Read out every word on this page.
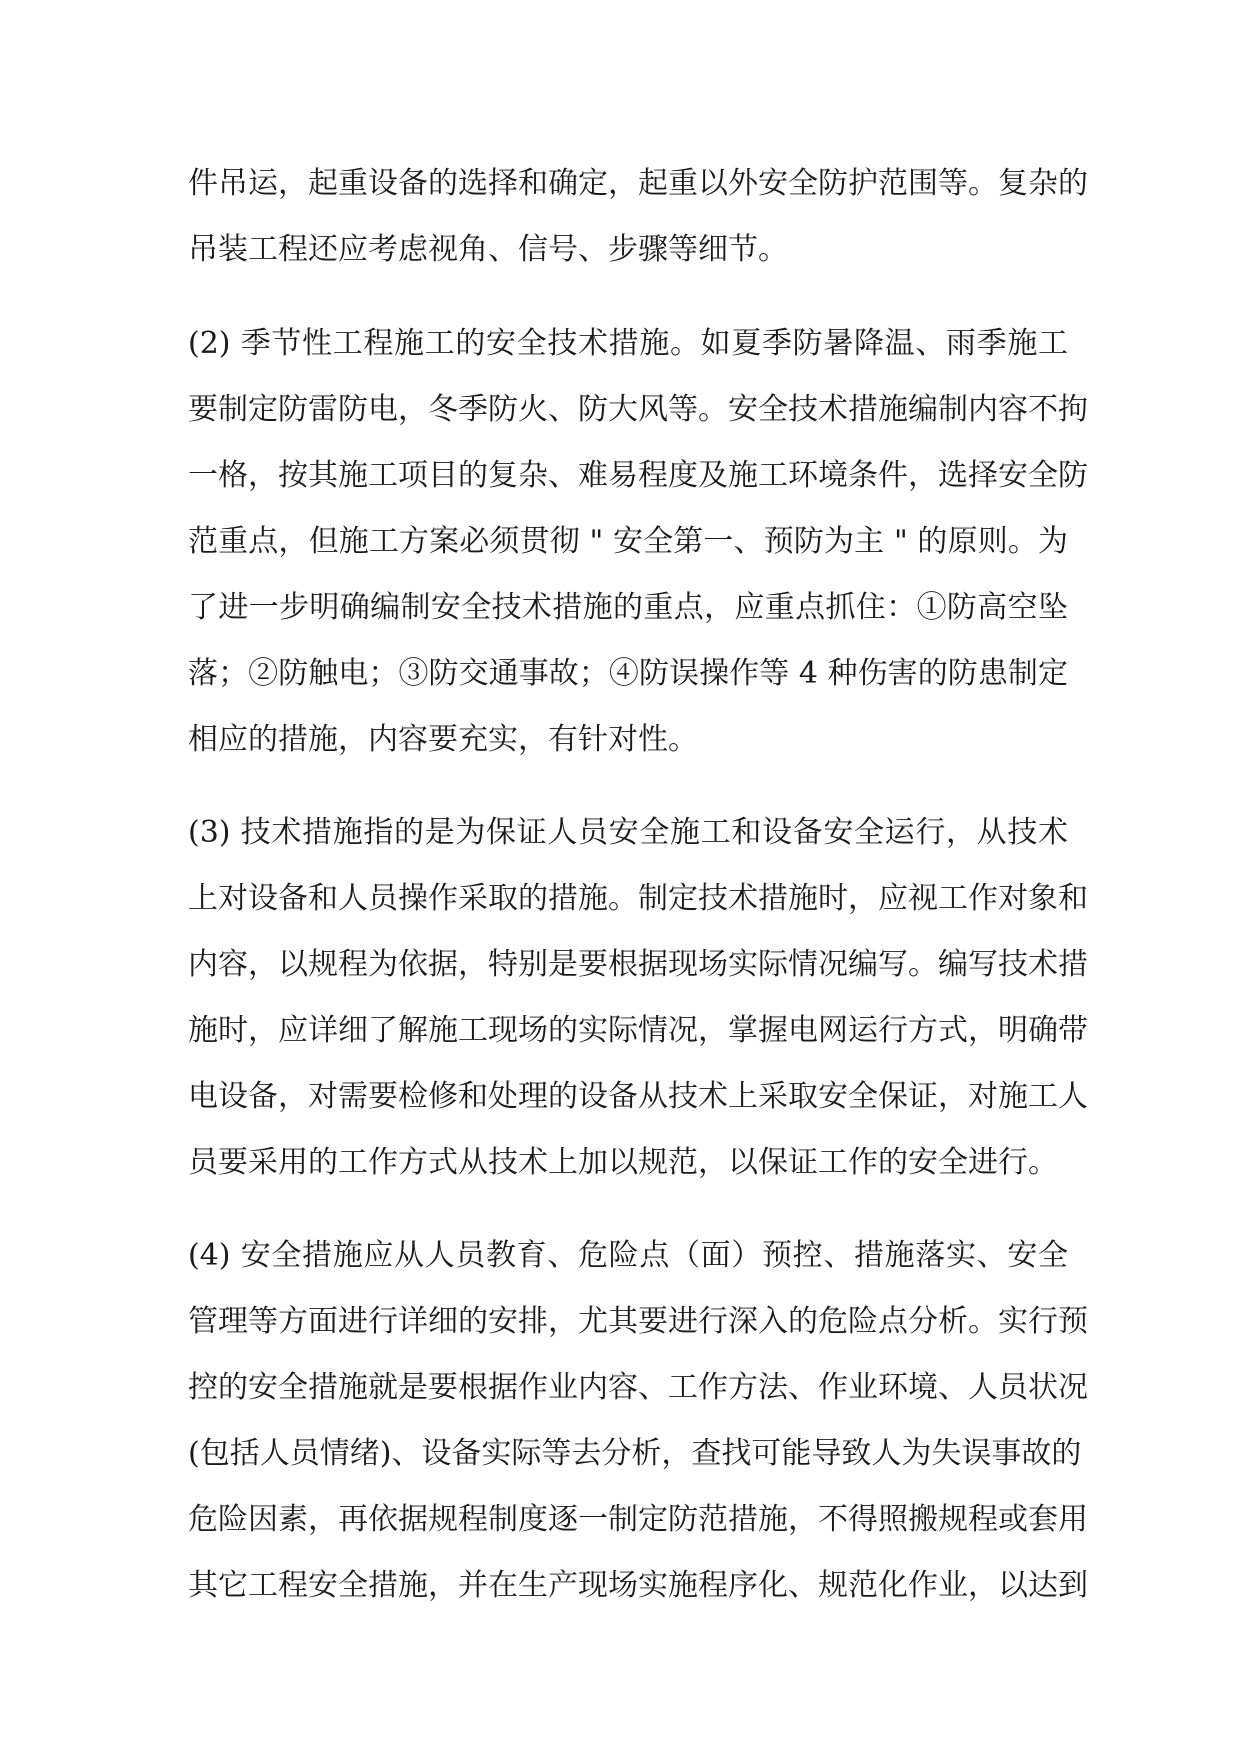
件吊运，起重设备的选择和确定，起重以外安全防护范围等。复杂的
吊装工程还应考虑视角、信号、步骤等细节。
(2) 季节性工程施工的安全技术措施。如夏季防暑降温、雨季施工
要制定防雷防电，冬季防火、防大风等。安全技术措施编制内容不拘
一格，按其施工项目的复杂、难易程度及施工环境条件，选择安全防
范重点，但施工方案必须贯彻 " 安全第一、预防为主 " 的原则。为
了进一步明确编制安全技术措施的重点，应重点抓住：①防高空坠
落；②防触电；③防交通事故；④防误操作等 4 种伤害的防患制定
相应的措施，内容要充实，有针对性。
(3) 技术措施指的是为保证人员安全施工和设备安全运行，从技术
上对设备和人员操作采取的措施。制定技术措施时，应视工作对象和
内容，以规程为依据，特别是要根据现场实际情况编写。编写技术措
施时，应详细了解施工现场的实际情况，掌握电网运行方式，明确带
电设备，对需要检修和处理的设备从技术上采取安全保证，对施工人
员要采用的工作方式从技术上加以规范，以保证工作的安全进行。
(4) 安全措施应从人员教育、危险点（面）预控、措施落实、安全
管理等方面进行详细的安排，尤其要进行深入的危险点分析。实行预
控的安全措施就是要根据作业内容、工作方法、作业环境、人员状况
(包括人员情绪)、设备实际等去分析，查找可能导致人为失误事故的
危险因素，再依据规程制度逐一制定防范措施，不得照搬规程或套用
其它工程安全措施，并在生产现场实施程序化、规范化作业，以达到
